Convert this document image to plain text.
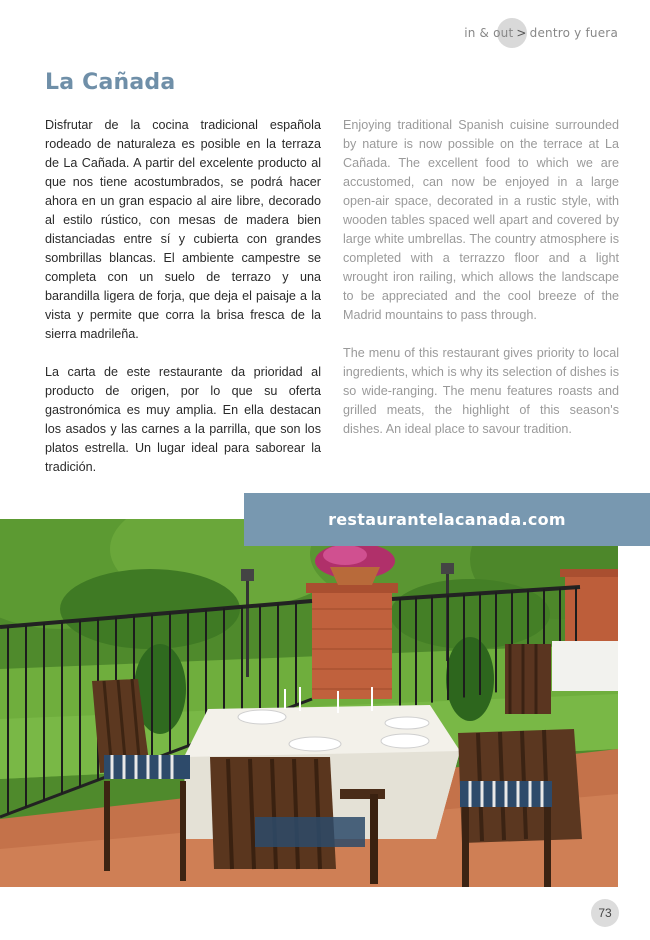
in & out > dentro y fuera
La Cañada

Disfrutar de la cocina tradicional española rodeado de naturaleza es posible en la terraza de La Cañada. A partir del excelente producto al que nos tiene acostumbrados, se podrá hacer ahora en un gran espacio al aire libre, decorado al estilo rústico, con mesas de madera bien distanciadas entre sí y cubierta con grandes sombrillas blancas. El ambiente campestre se completa con un suelo de terrazo y una barandilla ligera de forja, que deja el paisaje a la vista y permite que corra la brisa fresca de la sierra madrileña.

La carta de este restaurante da prioridad al producto de origen, por lo que su oferta gastronómica es muy amplia. En ella destacan los asados y las carnes a la parrilla, que son los platos estrella. Un lugar ideal para saborear la tradición.

Enjoying traditional Spanish cuisine surrounded by nature is now possible on the terrace at La Cañada. The excellent food to which we are accustomed, can now be enjoyed in a large open-air space, decorated in a rustic style, with wooden tables spaced well apart and covered by large white umbrellas. The country atmosphere is completed with a terrazzo floor and a light wrought iron railing, which allows the landscape to be appreciated and the cool breeze of the Madrid mountains to pass through.

The menu of this restaurant gives priority to local ingredients, which is why its selection of dishes is so wide-ranging. The menu features roasts and grilled meats, the highlight of this season's dishes. An ideal place to savour tradition.

restaurantelacanada.com
73
